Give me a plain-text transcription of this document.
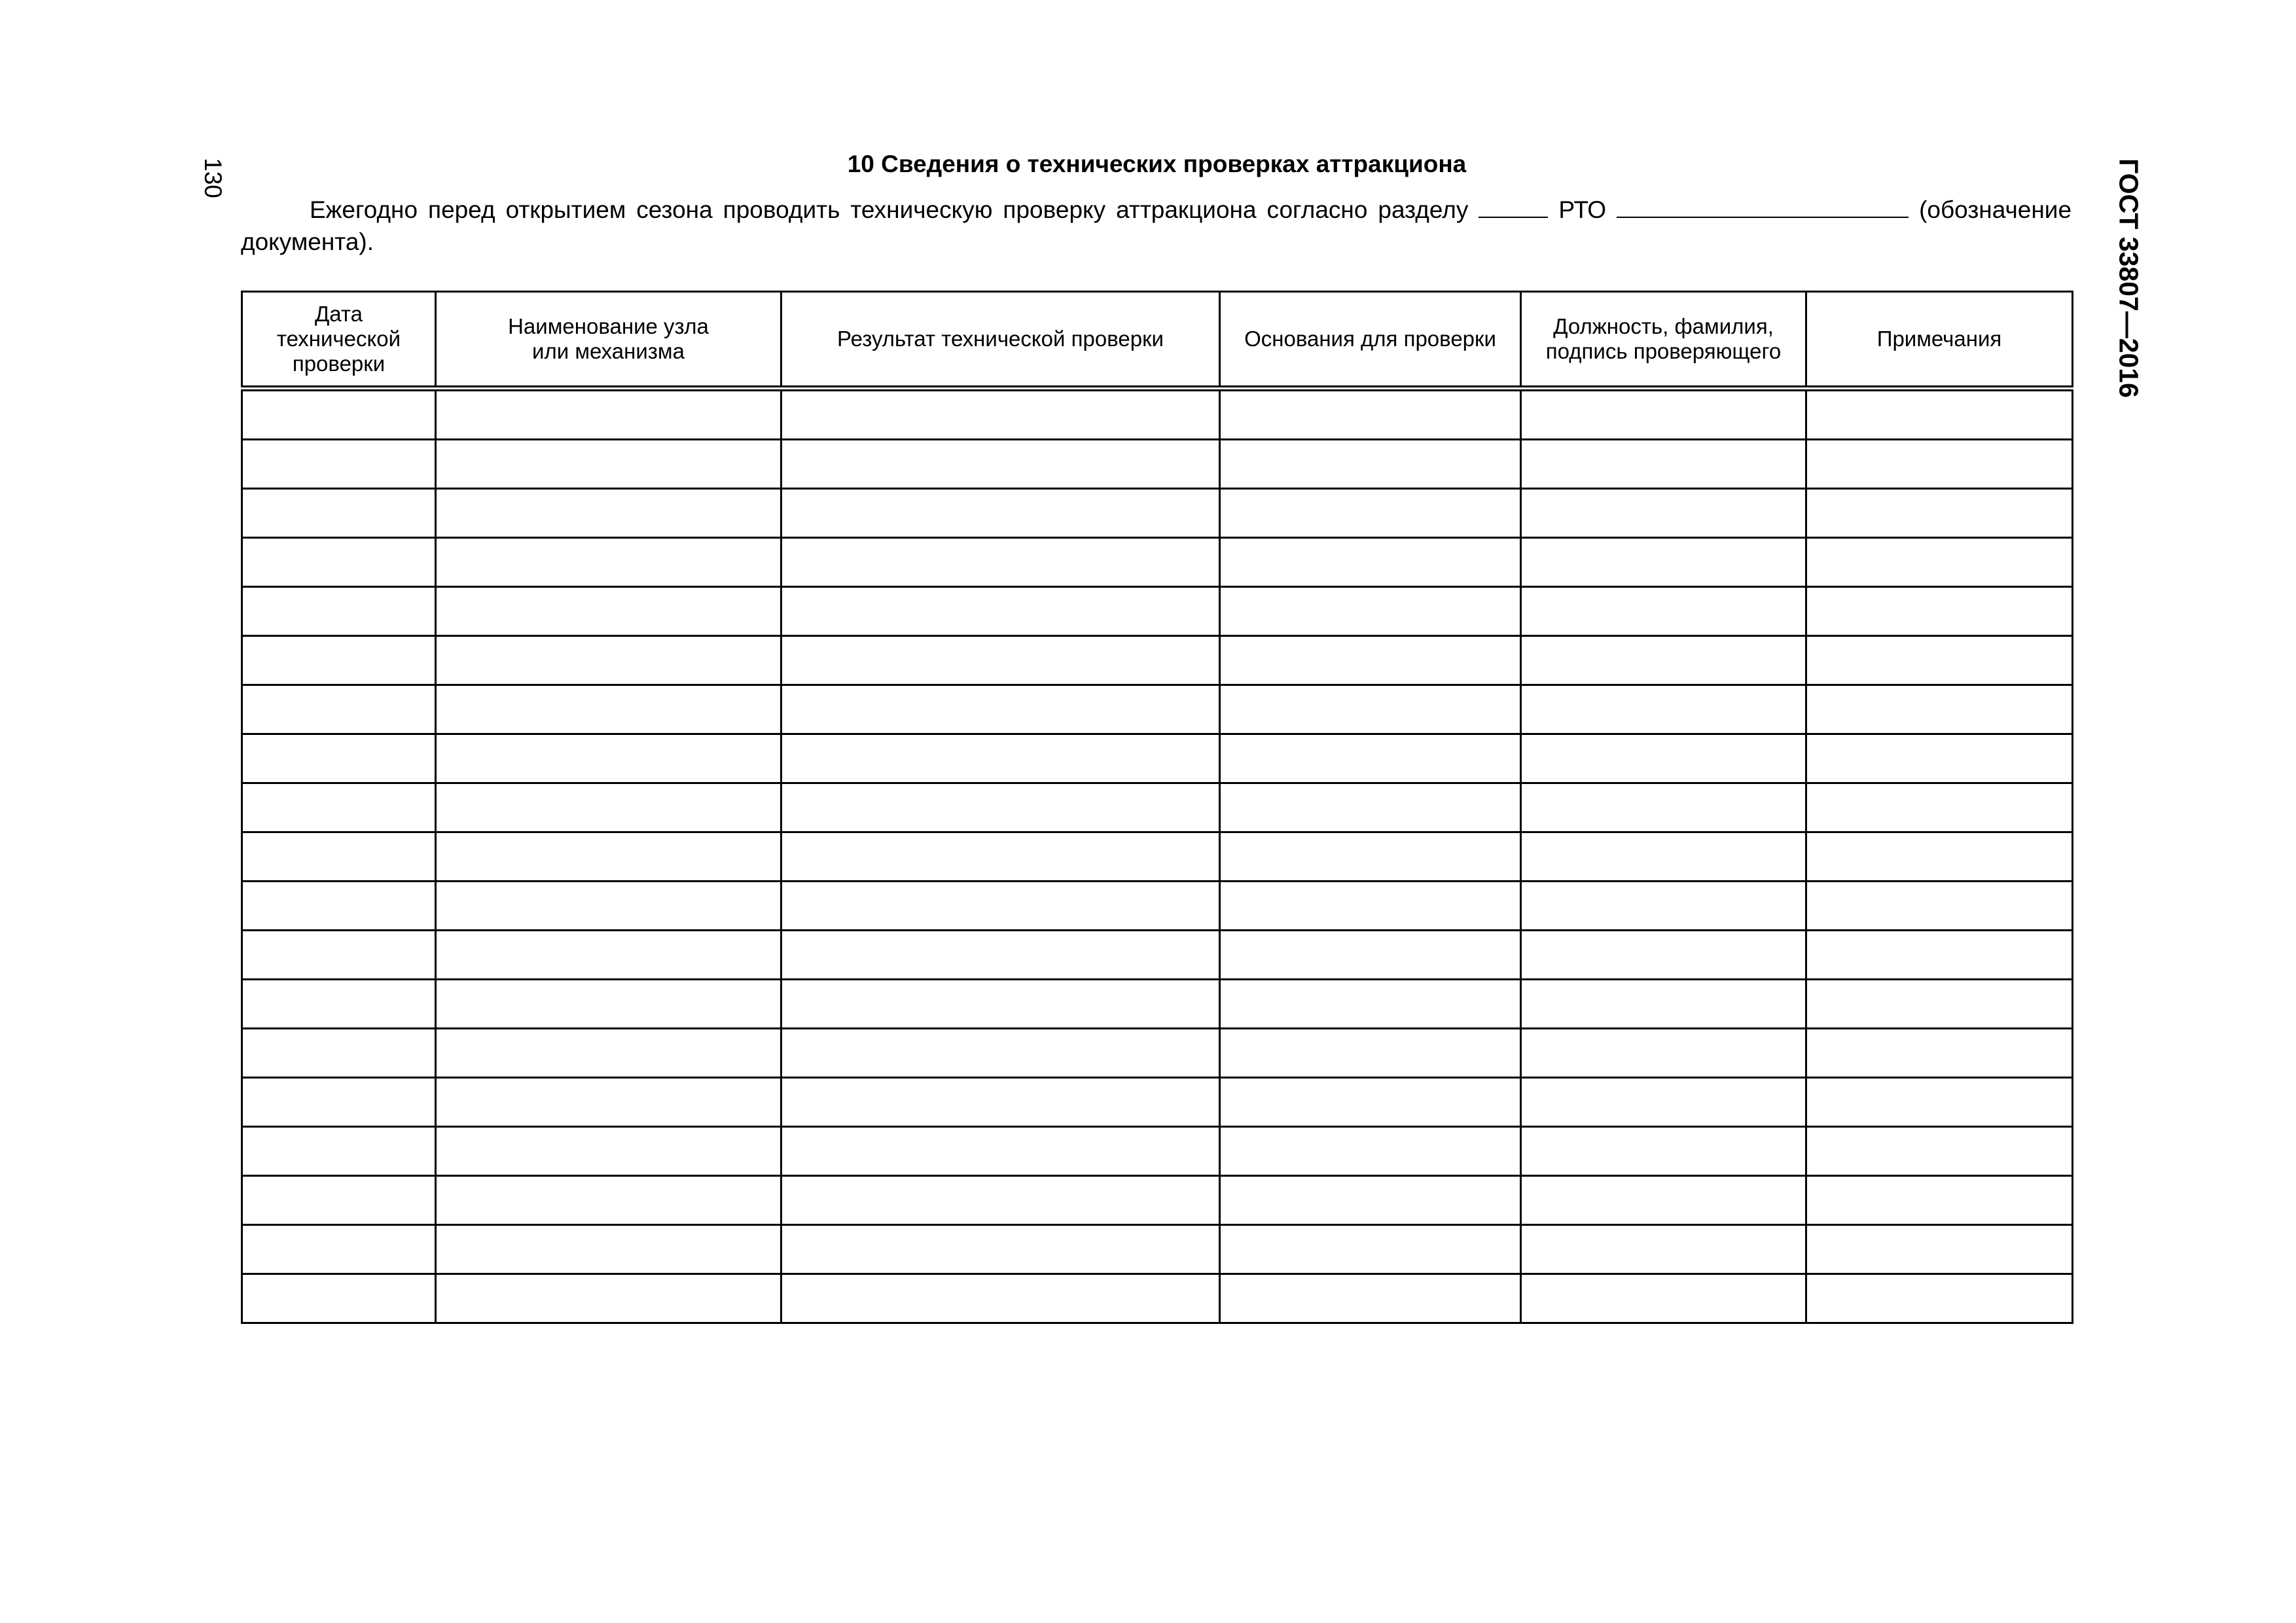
130	ГОСТ 33807—2016
10 Сведения о технических проверках аттракциона

Ежегодно перед открытием сезона проводить техническую проверку аттракциона согласно разделу	РТО	(обозначение документа).

Дата технической проверки	Наименование узла или механизма	Результат технической проверки	Основания для проверки	Должность, фамилия, подпись проверяющего	Примечания
